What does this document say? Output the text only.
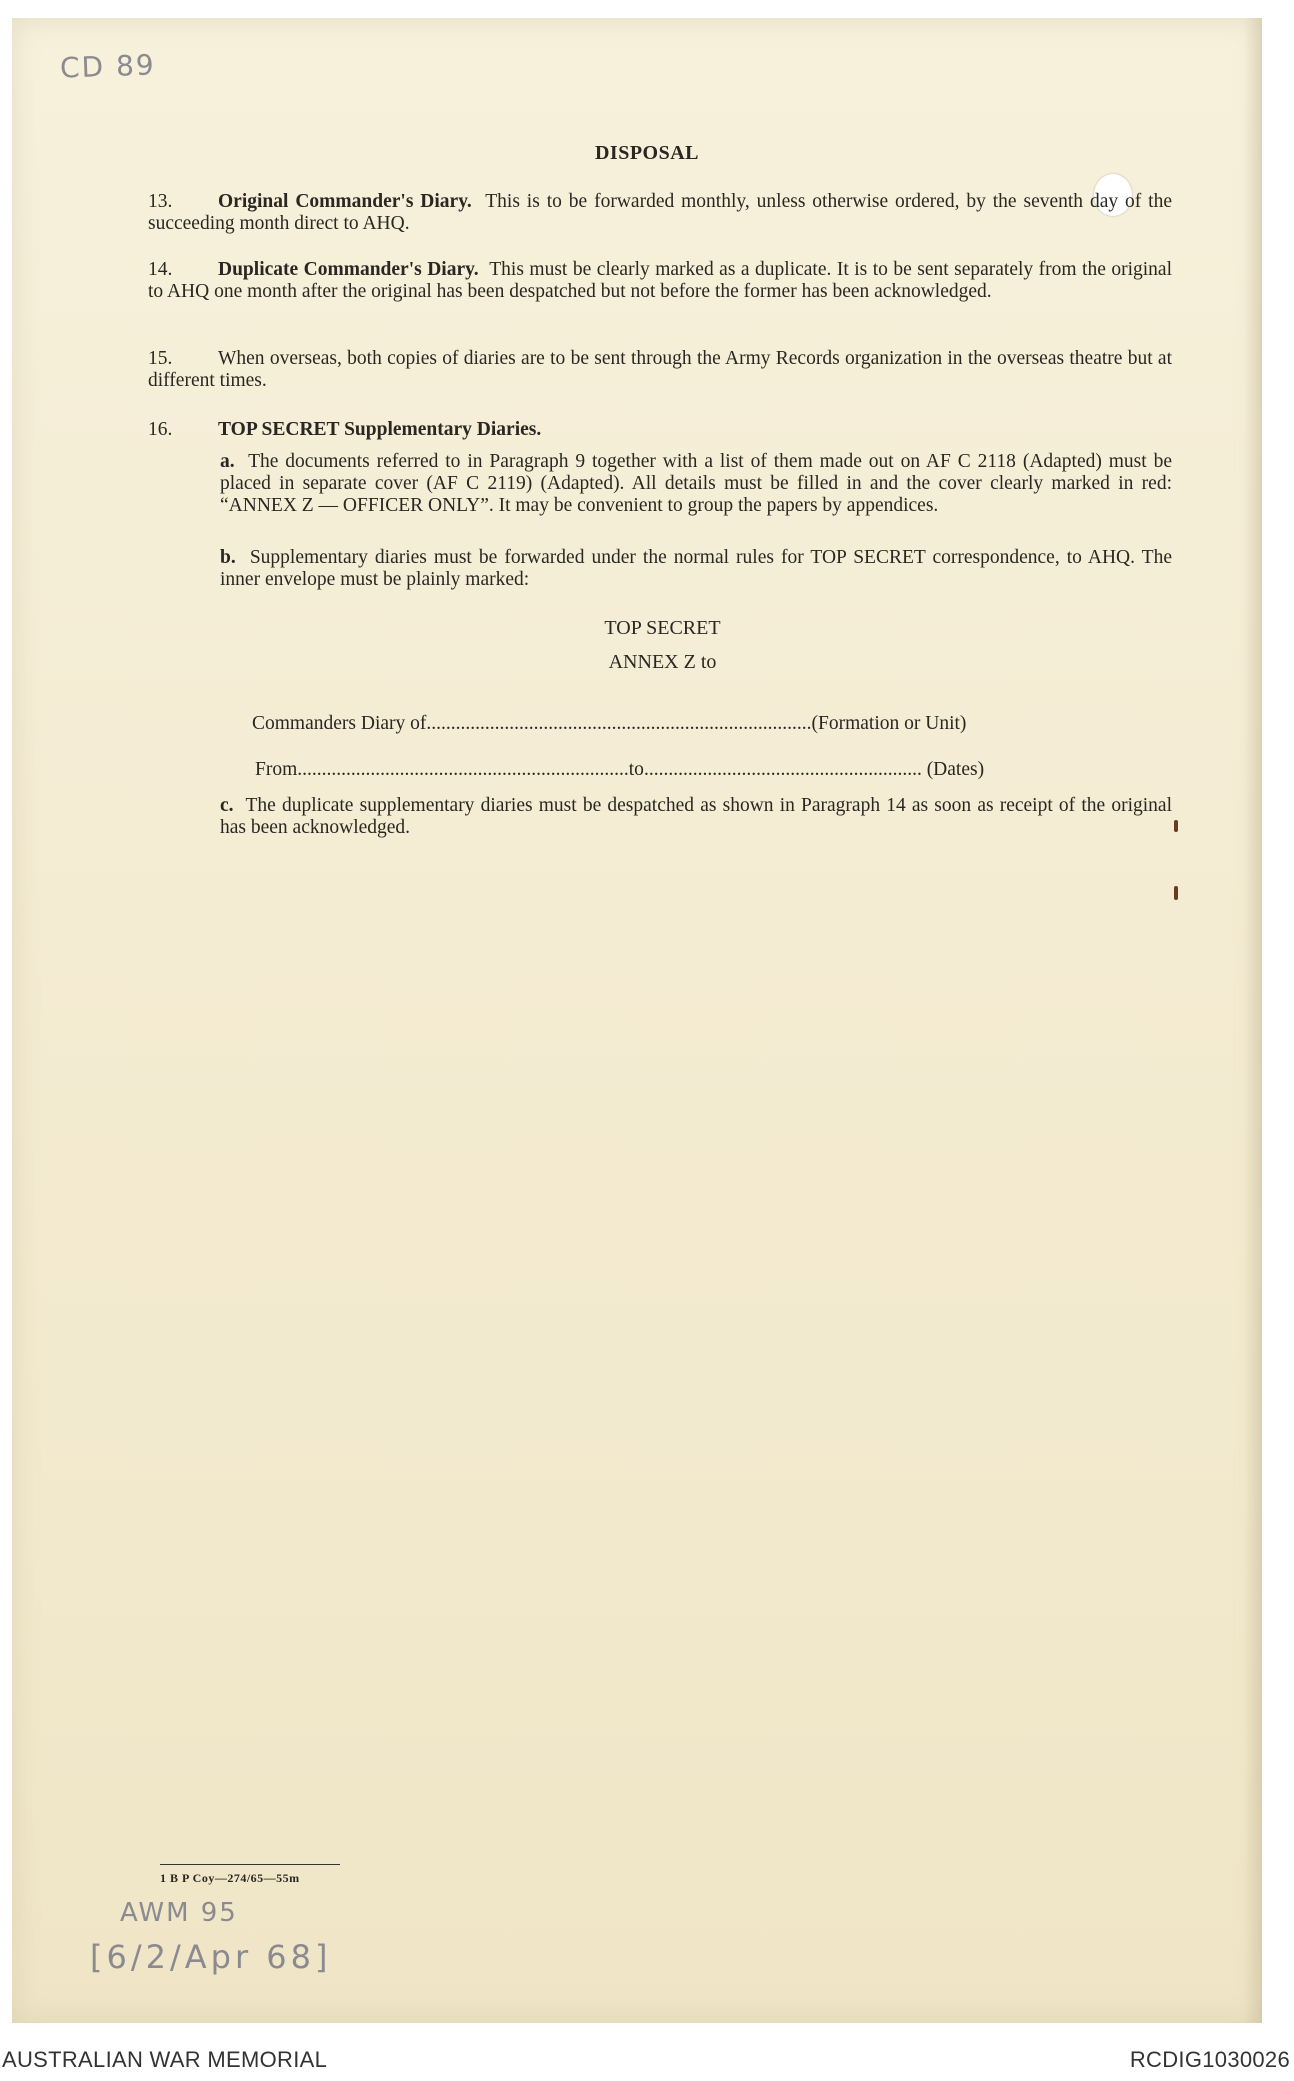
CD 89
DISPOSAL
13. Original Commander's Diary. This is to be forwarded monthly, unless otherwise ordered, by the seventh day of the succeeding month direct to AHQ.
14. Duplicate Commander's Diary. This must be clearly marked as a duplicate. It is to be sent separately from the original to AHQ one month after the original has been despatched but not before the former has been acknowledged.
15. When overseas, both copies of diaries are to be sent through the Army Records organization in the overseas theatre but at different times.
16. TOP SECRET Supplementary Diaries.
a. The documents referred to in Paragraph 9 together with a list of them made out on AF C 2118 (Adapted) must be placed in separate cover (AF C 2119) (Adapted). All details must be filled in and the cover clearly marked in red: “ANNEX Z — OFFICER ONLY”. It may be convenient to group the papers by appendices.
b. Supplementary diaries must be forwarded under the normal rules for TOP SECRET correspondence, to AHQ. The inner envelope must be plainly marked:
TOP SECRET
ANNEX Z to
Commanders Diary of...............................................................................(Formation or Unit)
From....................................................................to......................................................... (Dates)
c. The duplicate supplementary diaries must be despatched as shown in Paragraph 14 as soon as receipt of the original has been acknowledged.
1 B P Coy—274/65—55m
AWM 95
[6/2/Apr 68]
AUSTRALIAN WAR MEMORIAL	RCDIG1030026
